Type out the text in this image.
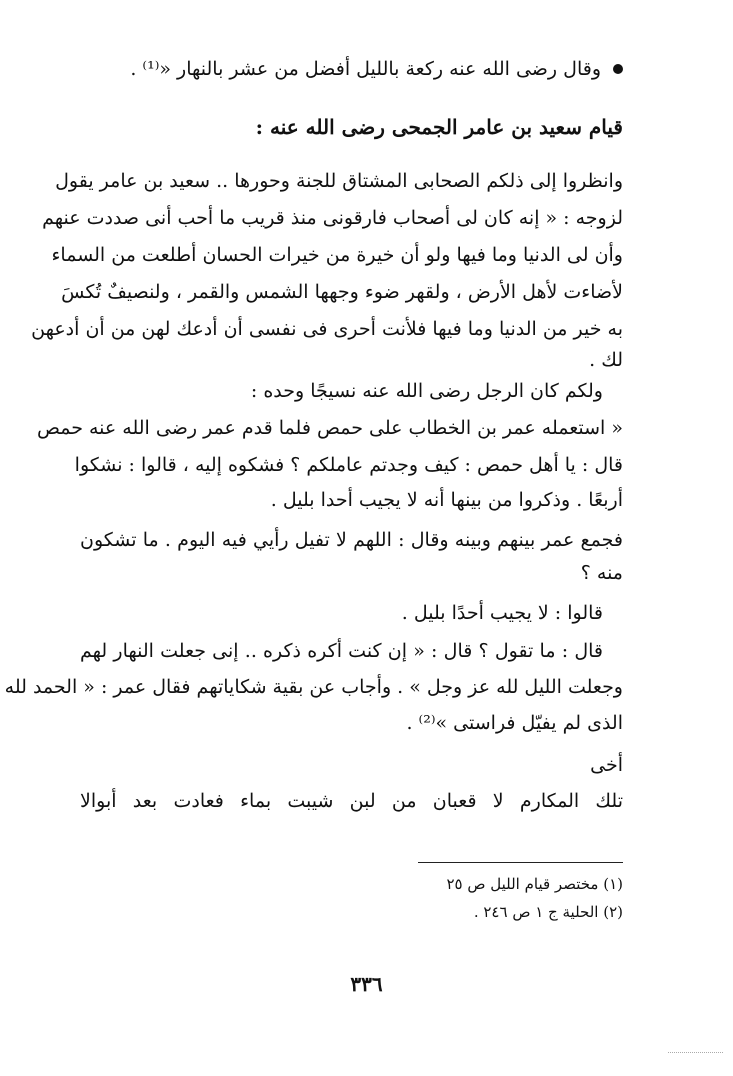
وقال رضى الله عنه ركعة بالليل أفضل من عشر بالنهار «⁽¹⁾ .
قيام سعيد بن عامر الجمحى رضى الله عنه :
وانظروا إلى ذلكم الصحابى المشتاق للجنة وحورها .. سعيد بن عامر يقول
لزوجه : « إنه كان لى أصحاب فارقونى منذ قريب ما أحب أنى صددت عنهم
وأن لى الدنيا وما فيها ولو أن خيرة من خيرات الحسان أطلعت من السماء
لأضاءت لأهل الأرض ، ولقهر ضوء وجهها الشمس والقمر ، ولنصيفٌ تُكسَ
به خير من الدنيا وما فيها فلأنت أحرى فى نفسى أن أدعك لهن من أن أدعهن
لك .
ولكم كان الرجل رضى الله عنه نسيجًا وحده :
« استعمله عمر بن الخطاب على حمص فلما قدم عمر رضى الله عنه حمص
قال : يا أهل حمص : كيف وجدتم عاملكم ؟ فشكوه إليه ، قالوا : نشكوا
أربعًا . وذكروا من بينها أنه لا يجيب أحدا بليل .
فجمع عمر بينهم وبينه وقال : اللهم لا تفيل رأيي فيه اليوم . ما تشكون
منه ؟
قالوا : لا يجيب أحدًا بليل .
قال : ما تقول ؟ قال : « إن كنت أكره ذكره .. إنى جعلت النهار لهم
وجعلت الليل لله عز وجل » . وأجاب عن بقية شكاياتهم فقال عمر : « الحمد لله
الذى لم يفيّل فراستى »⁽²⁾ .
أخى
تلك
المكارم
لا
قعبان
من
لبن
شيبت
بماء
فعادت
بعد
أبوالا
(١) مختصر قيام الليل ص ٢٥
(٢) الحلية ج ١ ص ٢٤٦ .
٣٣٦
